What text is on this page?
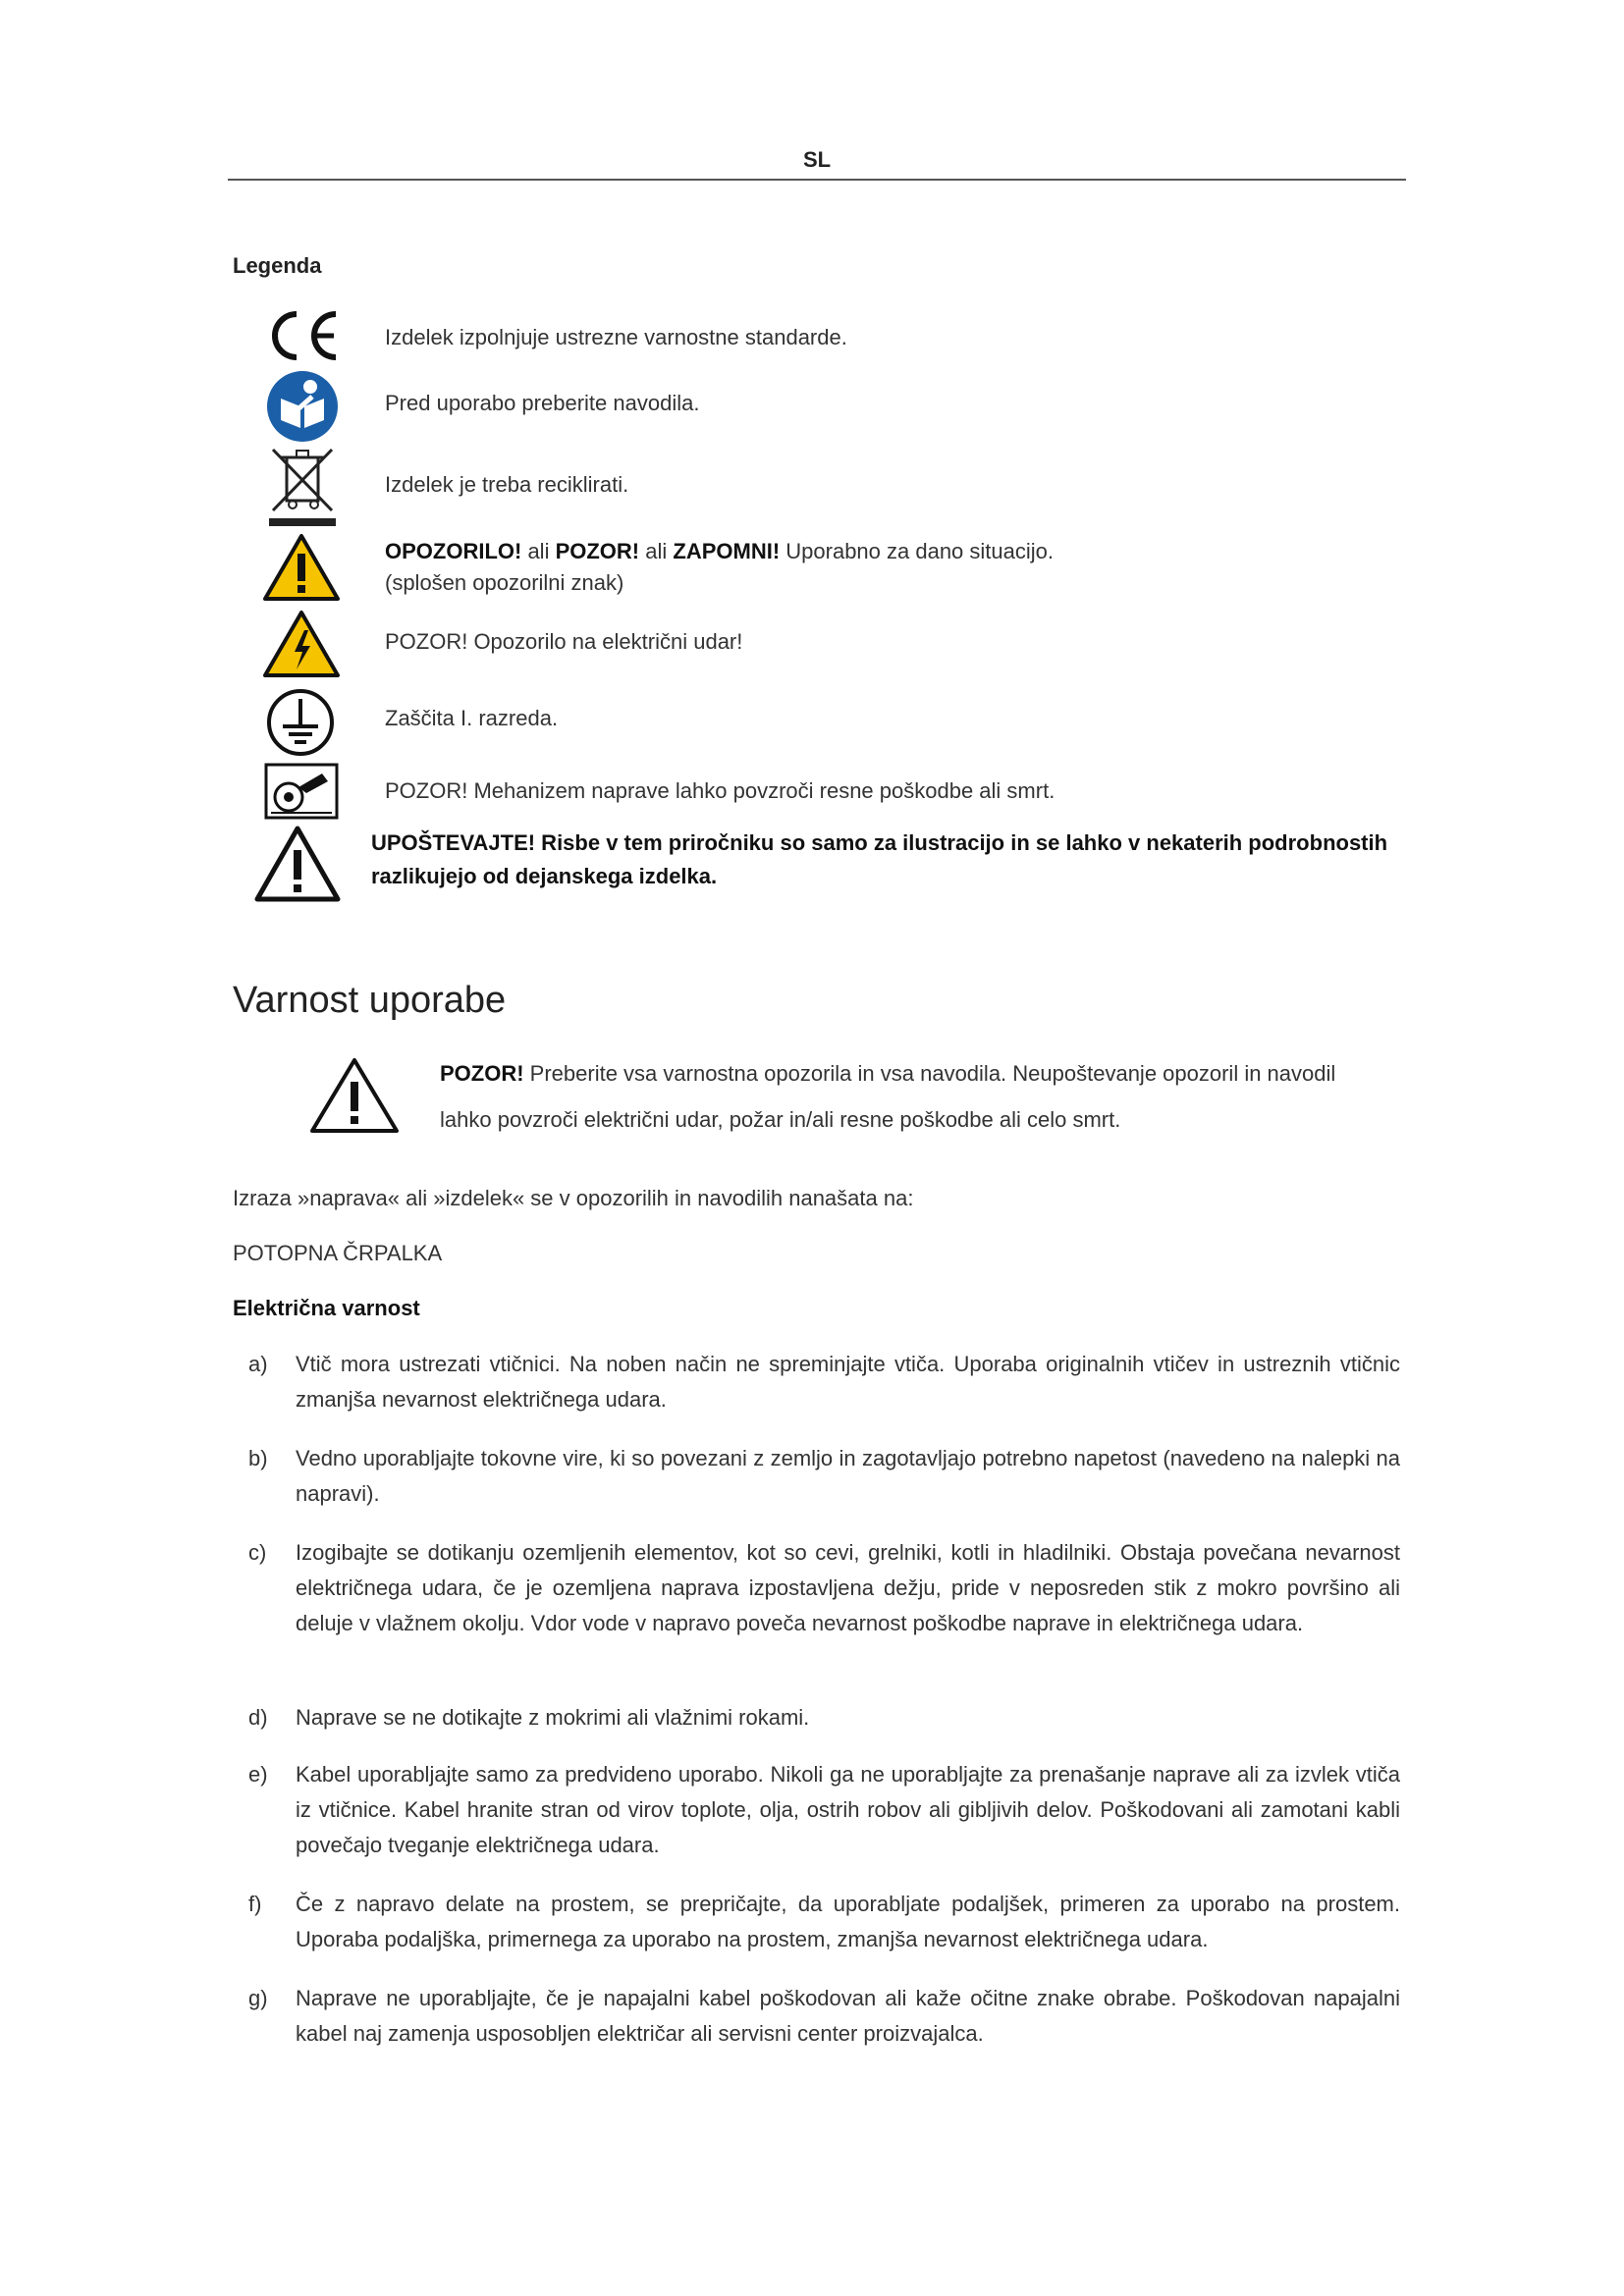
SL
Legenda
Izdelek izpolnjuje ustrezne varnostne standarde.
Pred uporabo preberite navodila.
Izdelek je treba reciklirati.
OPOZORILO! ali POZOR! ali ZAPOMNI! Uporabno za dano situacijo.
(splošen opozorilni znak)
POZOR! Opozorilo na električni udar!
Zaščita I. razreda.
POZOR! Mehanizem naprave lahko povzroči resne poškodbe ali smrt.
UPOŠTEVAJTE! Risbe v tem priročniku so samo za ilustracijo in se lahko v nekaterih podrobnostih
razlikujejo od dejanskega izdelka.
Varnost uporabe
POZOR! Preberite vsa varnostna opozorila in vsa navodila. Neupoštevanje opozoril in navodil
lahko povzroči električni udar, požar in/ali resne poškodbe ali celo smrt.
Izraza »naprava« ali »izdelek« se v opozorilih in navodilih nanašata na:
POTOPNA ČRPALKA
Električna varnost
a) Vtič mora ustrezati vtičnici. Na noben način ne spreminjajte vtiča. Uporaba originalnih vtičev in ustreznih vtičnic zmanjša nevarnost električnega udara.
b) Vedno uporabljajte tokovne vire, ki so povezani z zemljo in zagotavljajo potrebno napetost (navedeno na nalepki na napravi).
c) Izogibajte se dotikanju ozemljenih elementov, kot so cevi, grelniki, kotli in hladilniki. Obstaja povečana nevarnost električnega udara, če je ozemljena naprava izpostavljena dežju, pride v neposreden stik z mokro površino ali deluje v vlažnem okolju. Vdor vode v napravo poveča nevarnost poškodbe naprave in električnega udara.
d) Naprave se ne dotikajte z mokrimi ali vlažnimi rokami.
e) Kabel uporabljajte samo za predvideno uporabo. Nikoli ga ne uporabljajte za prenašanje naprave ali za izvlek vtiča iz vtičnice. Kabel hranite stran od virov toplote, olja, ostrih robov ali gibljivih delov. Poškodovani ali zamotani kabli povečajo tveganje električnega udara.
f) Če z napravo delate na prostem, se prepričajte, da uporabljate podaljšek, primeren za uporabo na prostem. Uporaba podaljška, primernega za uporabo na prostem, zmanjša nevarnost električnega udara.
g) Naprave ne uporabljajte, če je napajalni kabel poškodovan ali kaže očitne znake obrabe. Poškodovan napajalni kabel naj zamenja usposobljen električar ali servisni center proizvajalca.
